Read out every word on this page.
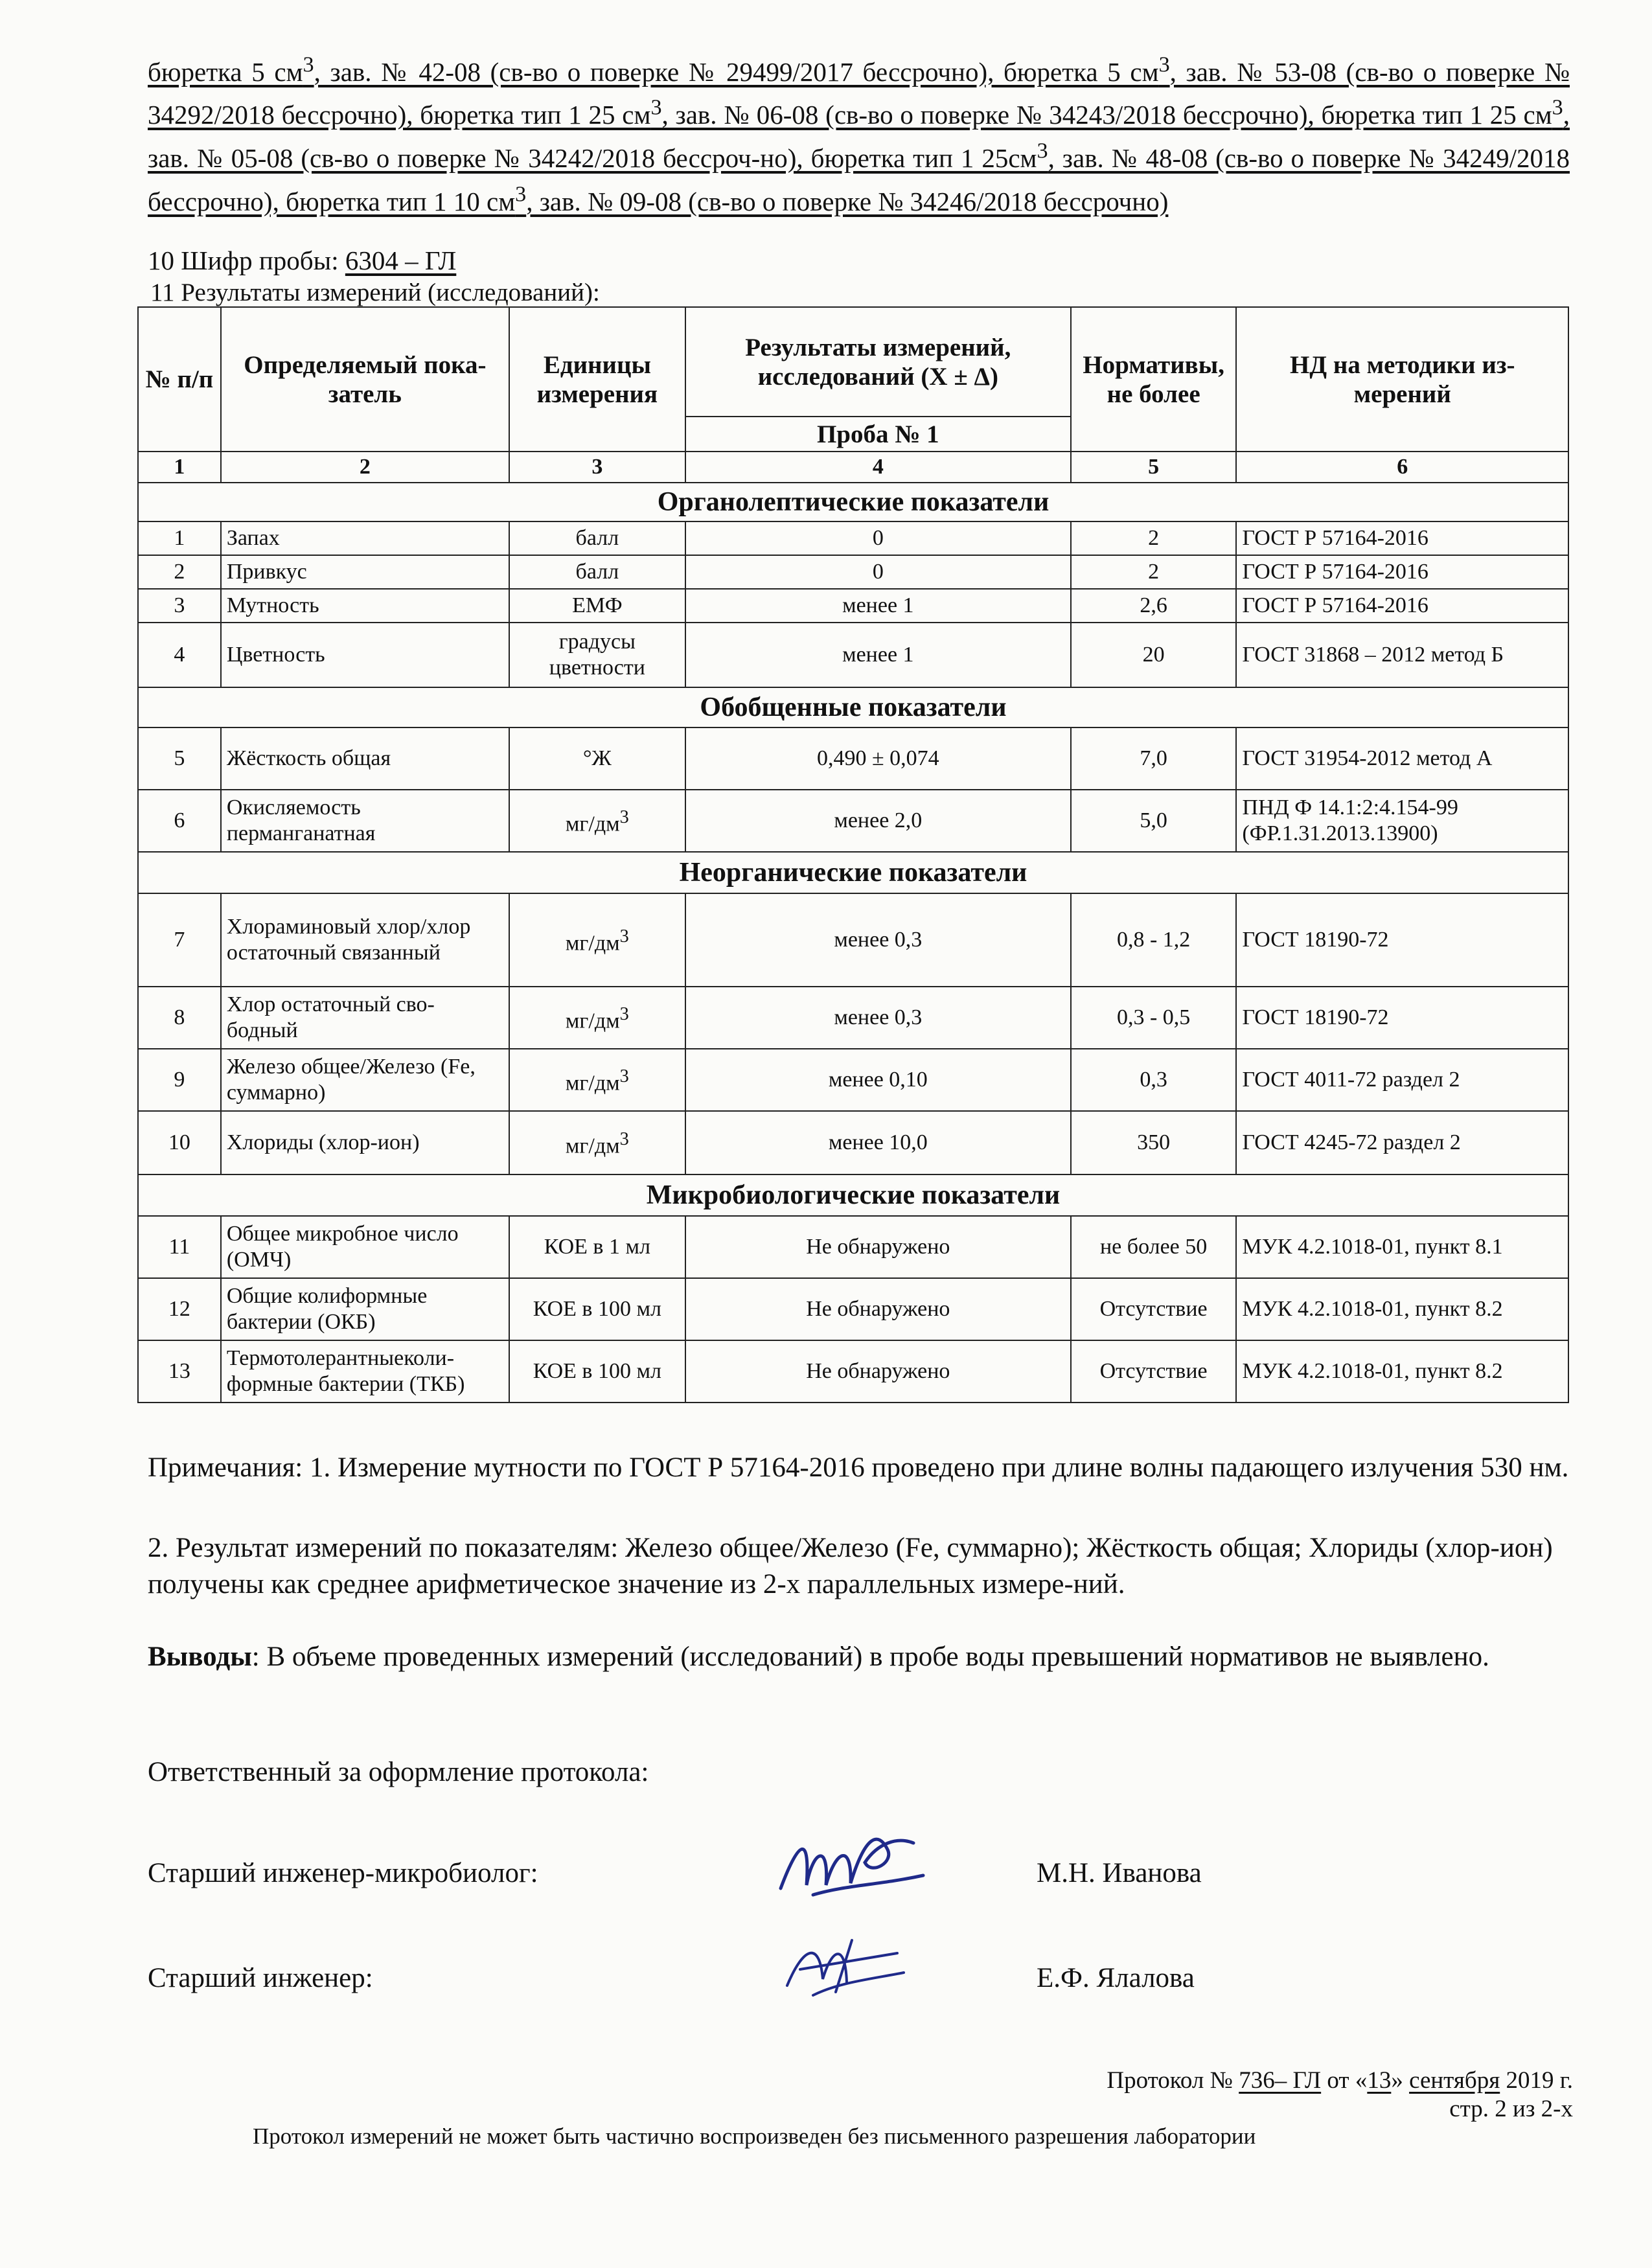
бюретка 5 $см^3$, зав. № 42-08 (св-во о поверке № 29499/2017 бессрочно), бюретка 5 $см^3$, зав. № 53-08 (св-во о поверке № 34292/2018 бессрочно), бюретка тип 1 25 $см^3$, зав. № 06-08 (св-во о поверке № 34243/2018 бессрочно), бюретка тип 1 25 $см^3$, зав. № 05-08 (св-во о поверке № 34242/2018 бессроч-но), бюретка тип 1 $25см^3$, зав. № 48-08 (св-во о поверке № 34249/2018 бессрочно), бюретка тип 1 10 $см^3$, зав. № 09-08 (св-во о поверке № 34246/2018 бессрочно)
10 Шифр пробы: 6304 – ГЛ
11 Результаты измерений (исследований):
№ п/п	Определяемый пока-затель	Единицы измерения	Результаты измерений, исследований (X ± Δ)	Нормативы, не более	НД на методики из-мерений
			Проба № 1		
1	2	3	4	5	6
Органолептические показатели					
1	Запах	балл	0	2	ГОСТ Р 57164-2016
2	Привкус	балл	0	2	ГОСТ Р 57164-2016
3	Мутность	ЕМФ	менее 1	2,6	ГОСТ Р 57164-2016
4	Цветность	градусы цветности	менее 1	20	ГОСТ 31868 – 2012 метод Б
Обобщенные показатели					
5	Жёсткость общая	°Ж	0,490 ± 0,074	7,0	ГОСТ 31954-2012 метод А
6	Окисляемость перманганатная	$мг/дм^3$	менее 2,0	5,0	ПНД Ф 14.1:2:4.154-99 (ФР.1.31.2013.13900)
Неорганические показатели					
7	Хлораминовый хлор/хлор остаточный связанный	$мг/дм^3$	менее 0,3	0,8 - 1,2	ГОСТ 18190-72
8	Хлор остаточный сво-бодный	$мг/дм^3$	менее 0,3	0,3 - 0,5	ГОСТ 18190-72
9	Железо общее/Железо (Fe, суммарно)	$мг/дм^3$	менее 0,10	0,3	ГОСТ 4011-72 раздел 2
10	Хлориды (хлор-ион)	$мг/дм^3$	менее 10,0	350	ГОСТ 4245-72 раздел 2
Микробиологические показатели					
11	Общее микробное число (ОМЧ)	КОЕ в 1 мл	Не обнаружено	не более 50	МУК 4.2.1018-01, пункт 8.1
12	Общие колиформные бактерии (ОКБ)	КОЕ в 100 мл	Не обнаружено	Отсутствие	МУК 4.2.1018-01, пункт 8.2
13	Термотолерантныеколи-формные бактерии (ТКБ)	КОЕ в 100 мл	Не обнаружено	Отсутствие	МУК 4.2.1018-01, пункт 8.2
Примечания: 1. Измерение мутности по ГОСТ Р 57164-2016 проведено при длине волны падающего излучения 530 нм.
2. Результат измерений по показателям: Железо общее/Железо (Fe, суммарно); Жёсткость общая; Хлориды (хлор-ион) получены как среднее арифметическое значение из 2-х параллельных измере-ний.
Выводы: В объеме проведенных измерений (исследований) в пробе воды превышений нормативов не выявлено.
Ответственный за оформление протокола:
Старший инженер-микробиолог:	М.Н. Иванова
Старший инженер:	Е.Ф. Ялалова
Протокол № 736– ГЛ от «13» сентября 2019 г.
стр. 2 из 2-х
Протокол измерений не может быть частично воспроизведен без письменного разрешения лаборатории
